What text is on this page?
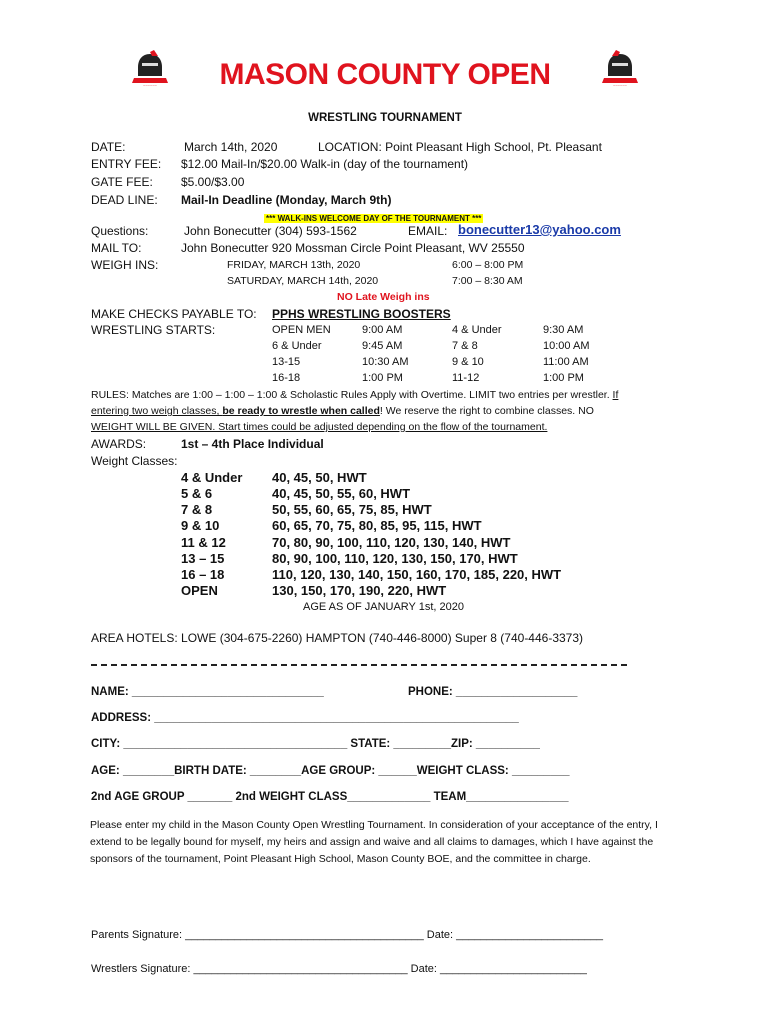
~~~~~~	~~~~~~
MASON COUNTY OPEN
WRESTLING TOURNAMENT
DATE:	March 14th, 2020	LOCATION: Point Pleasant High School, Pt. Pleasant
ENTRY FEE: $12.00 Mail-In/$20.00 Walk-in (day of the tournament)
GATE FEE: $5.00/$3.00
DEAD LINE: Mail-In Deadline (Monday, March 9th)
*** WALK-INS WELCOME DAY OF THE TOURNAMENT ***
Questions:	John Bonecutter (304) 593-1562	EMAIL: bonecutter13@yahoo.com
MAIL TO:	John Bonecutter 920 Mossman Circle Point Pleasant, WV 25550
WEIGH INS:	FRIDAY, MARCH 13th, 2020	6:00 – 8:00 PM
SATURDAY, MARCH 14th, 2020	7:00 – 8:30 AM
NO Late Weigh ins
MAKE CHECKS PAYABLE TO: PPHS WRESTLING BOOSTERS
WRESTLING STARTS:	OPEN MEN	9:00 AM	4 & Under	9:30 AM
6 & Under	9:45 AM	7 & 8	10:00 AM
13-15	10:30 AM	9 & 10	11:00 AM
16-18	1:00 PM	11-12	1:00 PM
RULES: Matches are 1:00 – 1:00 – 1:00 & Scholastic Rules Apply with Overtime. LIMIT two entries per wrestler. If
entering two weigh classes, be ready to wrestle when called! We reserve the right to combine classes. NO
WEIGHT WILL BE GIVEN. Start times could be adjusted depending on the flow of the tournament.
AWARDS:	1st – 4th Place Individual
Weight Classes:
4 & Under 40, 45, 50, HWT
5 & 6	40, 45, 50, 55, 60, HWT
7 & 8	50, 55, 60, 65, 75, 85, HWT
9 & 10	60, 65, 70, 75, 80, 85, 95, 115, HWT
11 & 12	70, 80, 90, 100, 110, 120, 130, 140, HWT
13 – 15	80, 90, 100, 110, 120, 130, 150, 170, HWT
16 – 18	110, 120, 130, 140, 150, 160, 170, 185, 220, HWT
OPEN	130, 150, 170, 190, 220, HWT
AGE AS OF JANUARY 1st, 2020
AREA HOTELS: LOWE (304-675-2260) HAMPTON (740-446-8000) Super 8 (740-446-3373)
NAME: ______________________________	PHONE: ___________________
ADDRESS: _________________________________________________________
CITY: ___________________________________ STATE: _________ZIP: __________
AGE: ________BIRTH DATE: ________AGE GROUP: ______WEIGHT CLASS: _________
2nd AGE GROUP _______ 2nd WEIGHT CLASS_____________ TEAM________________
Please enter my child in the Mason County Open Wrestling Tournament. In consideration of your acceptance of the entry, I extend to be legally bound for myself, my heirs and assign and waive and all claims to damages, which I have against the sponsors of the tournament, Point Pleasant High School, Mason County BOE, and the committee in charge.
Parents Signature: _______________________________________ Date: ________________________
Wrestlers Signature: ___________________________________ Date: ________________________
